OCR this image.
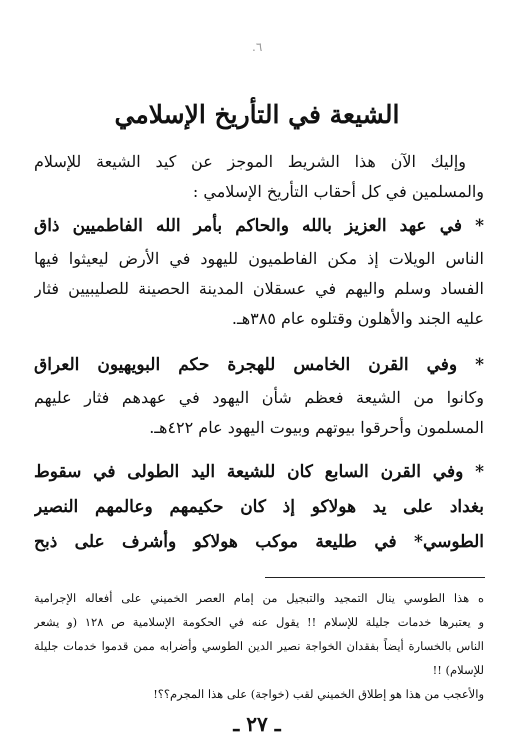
٦.
الشيعة في التأريخ الإسلامي
وإليك الآن هذا الشريط الموجز عن كيد الشيعة للإسلام
والمسلمين في كل أحقاب التأريخ الإسلامي :
* في عهد العزيز بالله والحاكم بأمر الله الفاطميين ذاق
الناس الويلات إذ مكن الفاطميون لليهود في الأرض ليعيثوا فيها
الفساد وسلم واليهم في عسقلان المدينة الحصينة للصليبيين فثار
عليه الجند والأهلون وقتلوه عام ٣٨٥هـ.
* وفي القرن الخامس للهجرة حكم البويهيون العراق
وكانوا من الشيعة فعظم شأن اليهود في عهدهم فثار عليهم
المسلمون وأحرقوا بيوتهم وبيوت اليهود عام ٤٢٢هـ.
* وفي القرن السابع كان للشيعة اليد الطولى في سقوط
بغداد على يد هولاكو إذ كان حكيمهم وعالمهم النصير
الطوسي* في طليعة موكب هولاكو وأشرف على ذبح
ه هذا الطوسي ينال التمجيد والتبجيل من إمام العصر الخميني على أفعاله الإجرامية
و يعتبرها خدمات جليلة للإسلام !! يقول عنه في الحكومة الإسلامية ص ١٢٨ (و يشعر
الناس بالخسارة أيضاً بفقدان الخواجة نصير الدين الطوسي وأضرابه ممن قدموا خدمات جليلة
للإسلام) !!
والأعجب من هذا هو إطلاق الخميني لقب (خواجة) على هذا المجرم؟؟!
ـ ٢٧ ـ
